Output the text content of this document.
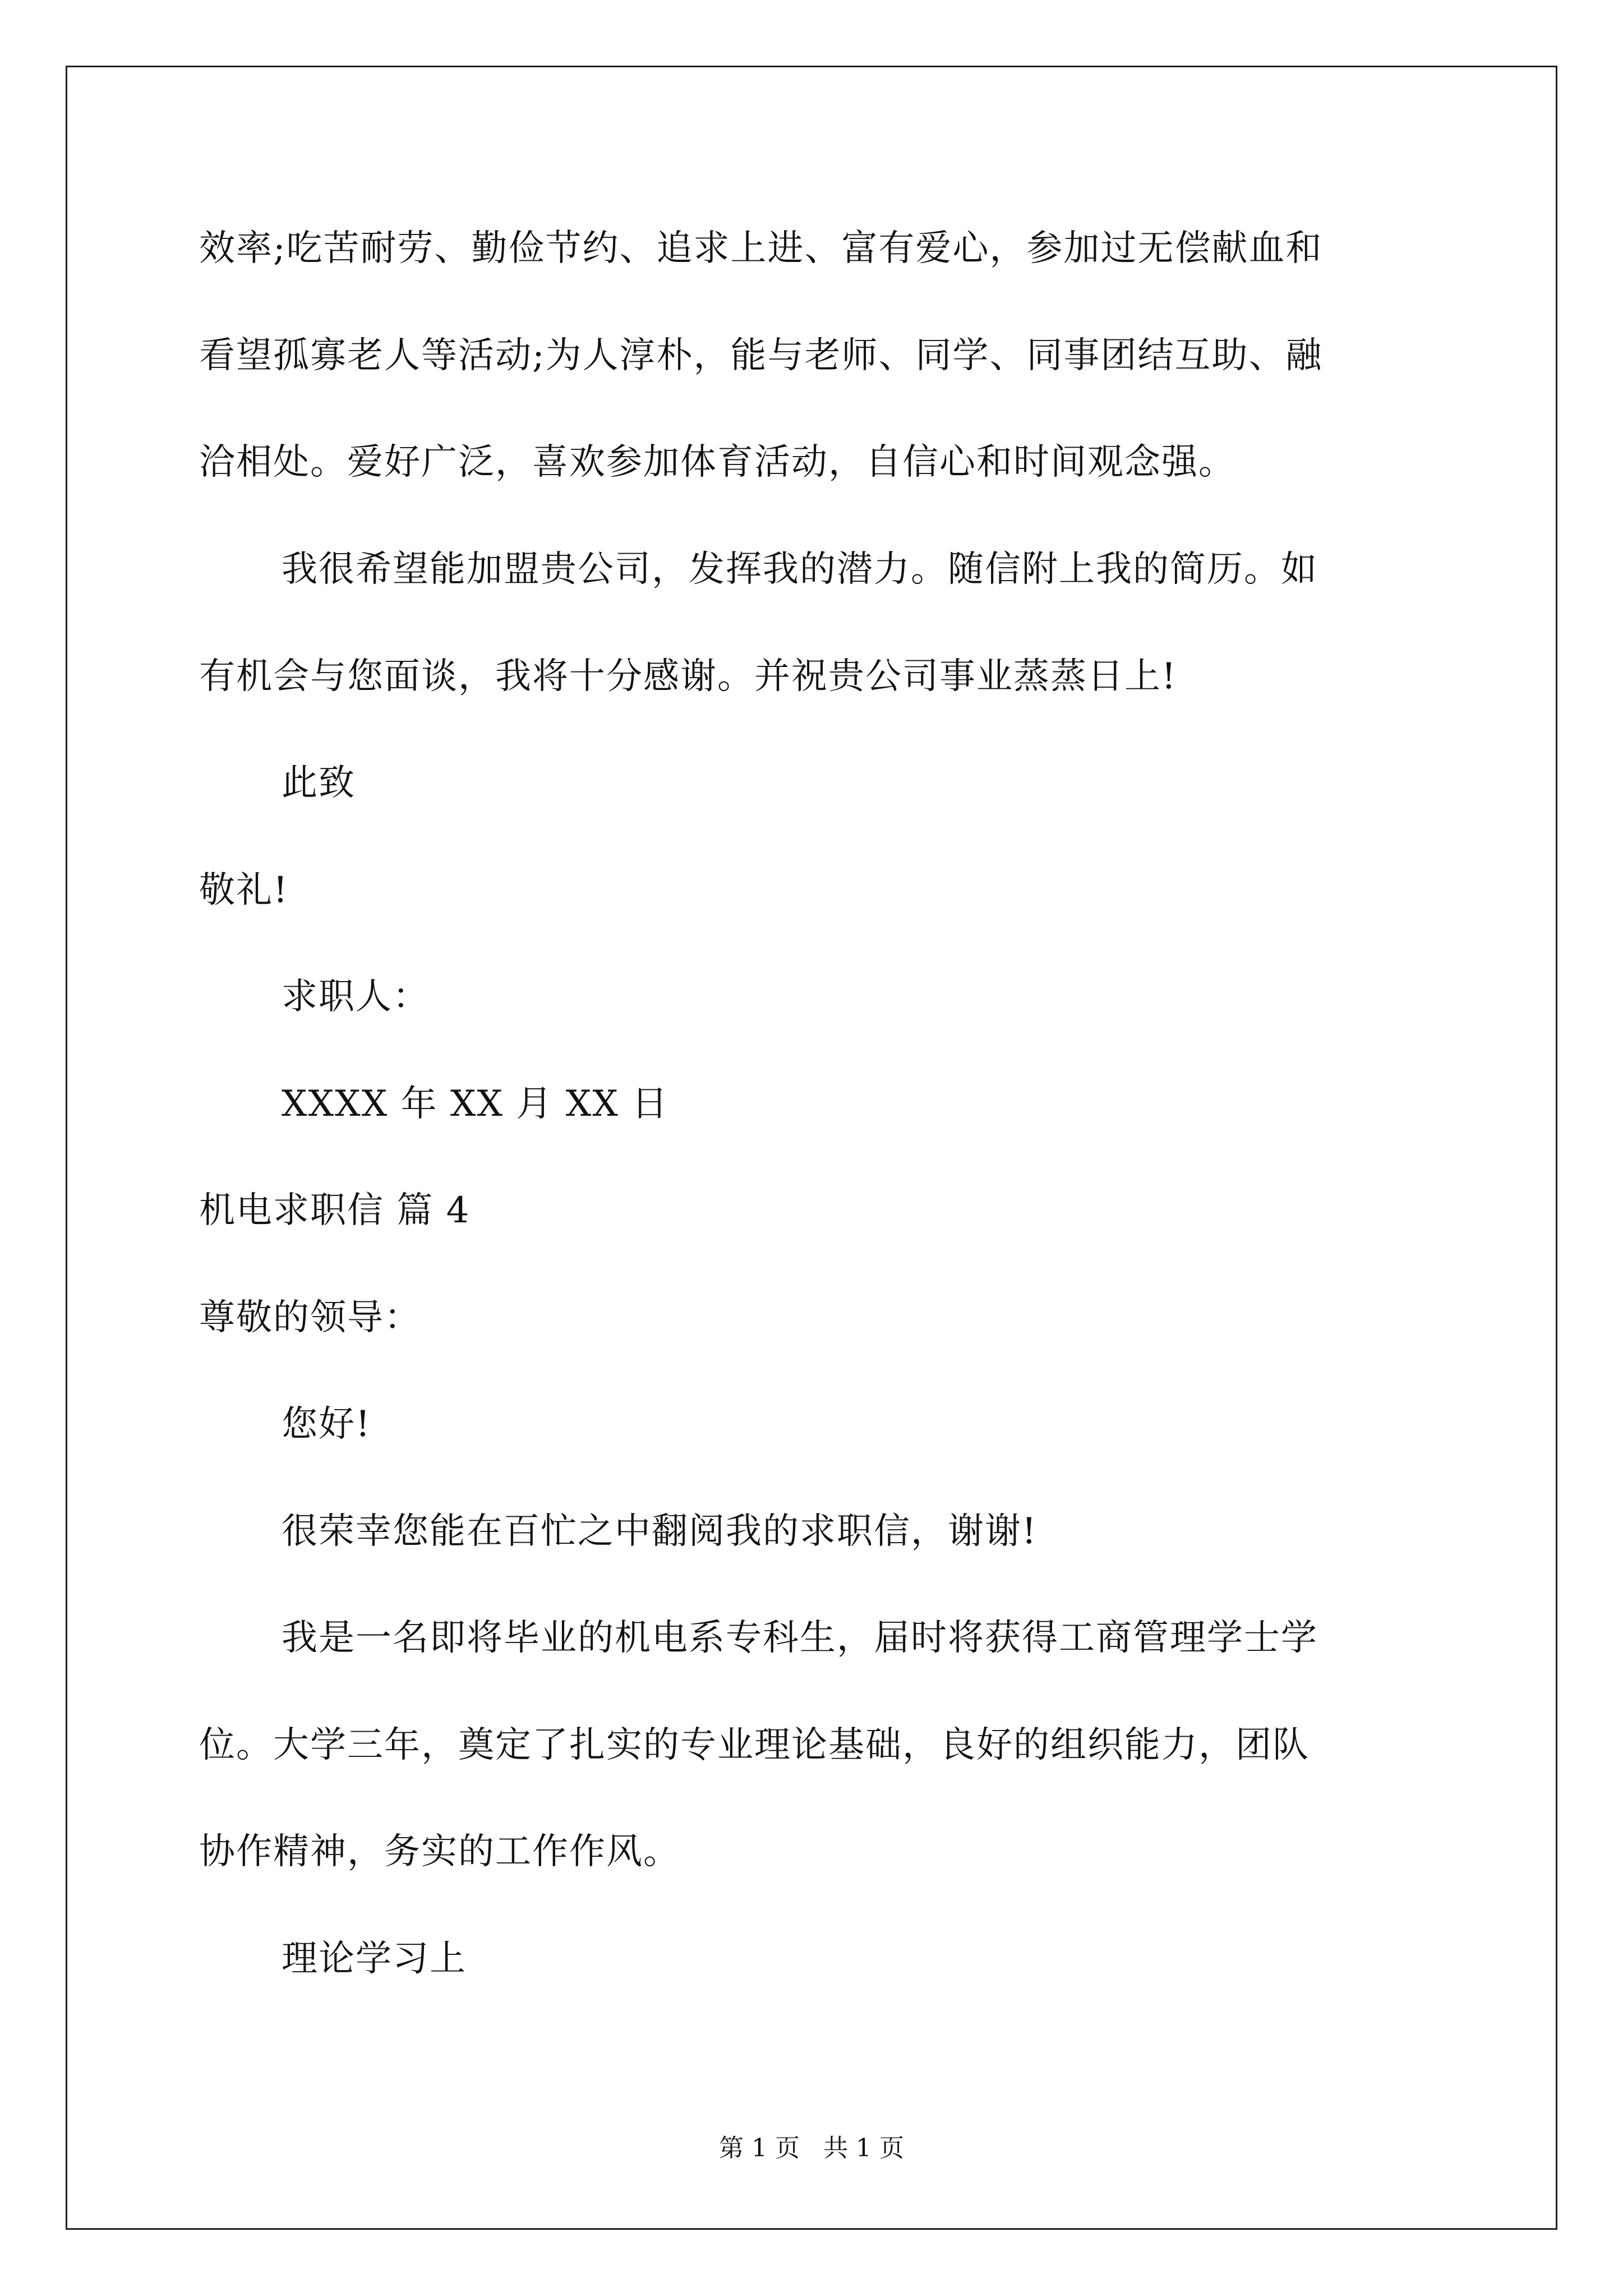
效率;吃苦耐劳、勤俭节约、追求上进、富有爱心，参加过无偿献血和
看望孤寡老人等活动;为人淳朴，能与老师、同学、同事团结互助、融
洽相处。爱好广泛，喜欢参加体育活动，自信心和时间观念强。
我很希望能加盟贵公司，发挥我的潜力。随信附上我的简历。如
有机会与您面谈，我将十分感谢。并祝贵公司事业蒸蒸日上!
此致
敬礼!
求职人：
XXXX 年 XX 月 XX 日
机电求职信 篇 4
尊敬的领导：
您好!
很荣幸您能在百忙之中翻阅我的求职信，谢谢!
我是一名即将毕业的机电系专科生，届时将获得工商管理学士学
位。大学三年，奠定了扎实的专业理论基础，良好的组织能力，团队
协作精神，务实的工作作风。
理论学习上
第 1 页   共 1 页
